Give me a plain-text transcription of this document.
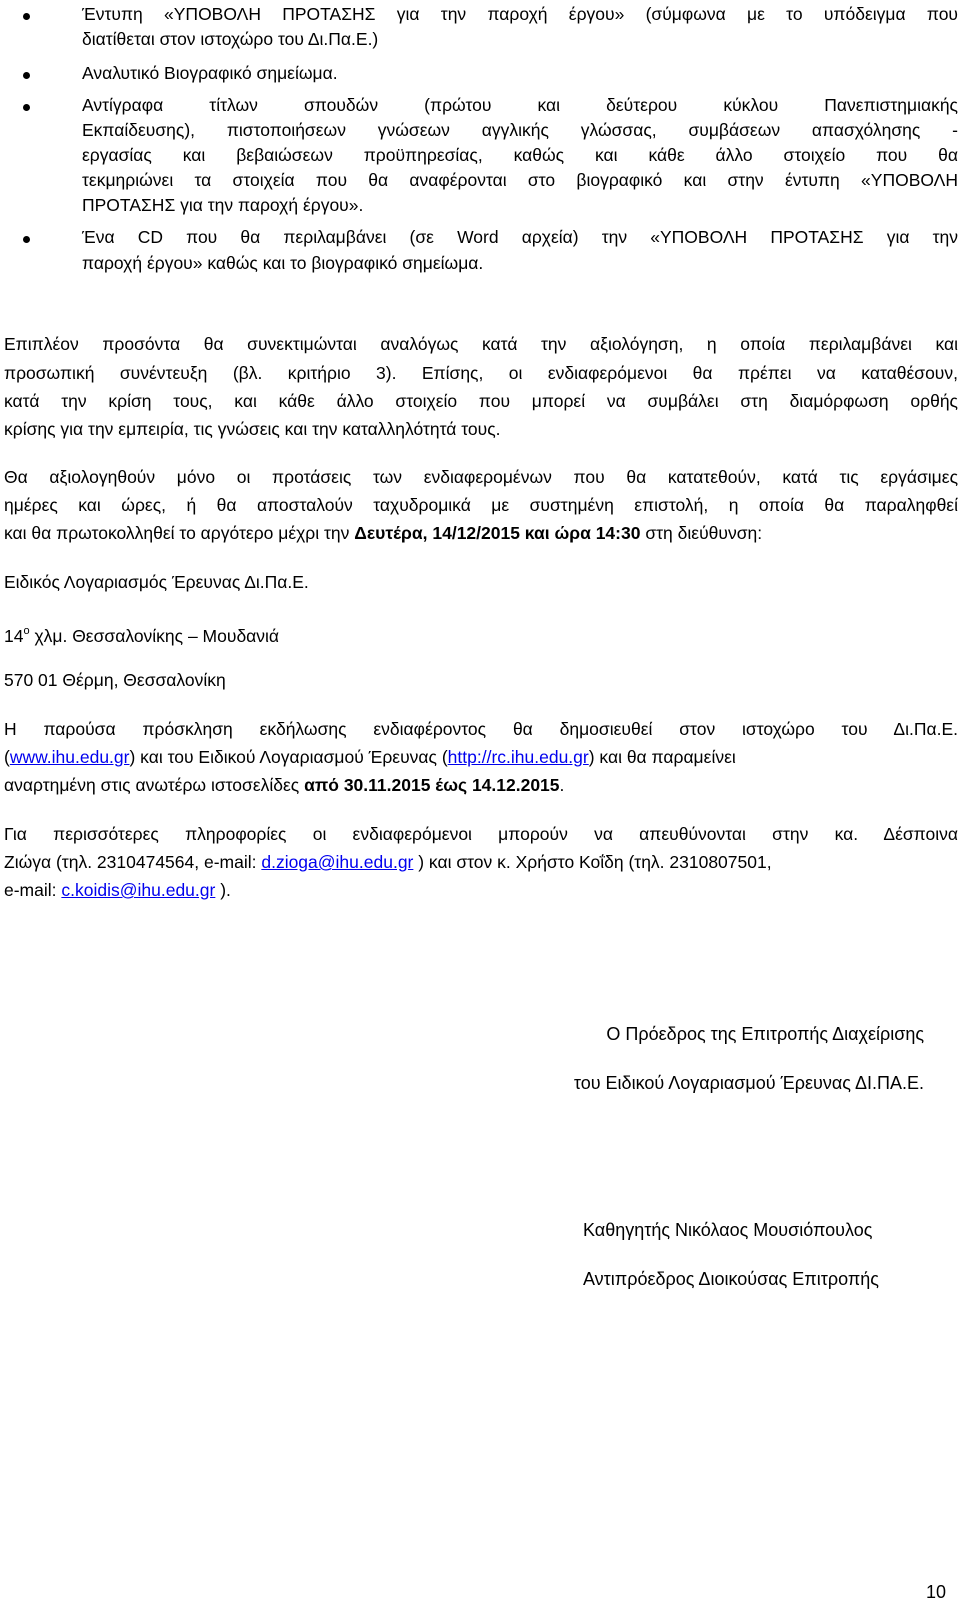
Έντυπη «ΥΠΟΒΟΛΗ ΠΡΟΤΑΣΗΣ για την παροχή έργου» (σύμφωνα με το υπόδειγμα που
διατίθεται στον ιστοχώρο του Δι.Πα.Ε.)
Αναλυτικό Βιογραφικό σημείωμα.
Αντίγραφα τίτλων σπουδών (πρώτου και δεύτερου κύκλου Πανεπιστημιακής
Εκπαίδευσης), πιστοποιήσεων γνώσεων αγγλικής γλώσσας, συμβάσεων απασχόλησης -
εργασίας και βεβαιώσεων προϋπηρεσίας, καθώς και κάθε άλλο στοιχείο που θα
τεκμηριώνει τα στοιχεία που θα αναφέρονται στο βιογραφικό και στην έντυπη «ΥΠΟΒΟΛΗ
ΠΡΟΤΑΣΗΣ για την παροχή έργου».
Ένα CD που θα περιλαμβάνει (σε Word αρχεία) την «ΥΠΟΒΟΛΗ ΠΡΟΤΑΣΗΣ για την
παροχή έργου» καθώς και το βιογραφικό σημείωμα.
Επιπλέον προσόντα θα συνεκτιμώνται αναλόγως κατά την αξιολόγηση, η οποία περιλαμβάνει και
προσωπική συνέντευξη (βλ. κριτήριο 3). Επίσης, οι ενδιαφερόμενοι θα πρέπει να καταθέσουν,
κατά την κρίση τους, και κάθε άλλο στοιχείο που μπορεί να συμβάλει στη διαμόρφωση ορθής
κρίσης για την εμπειρία, τις γνώσεις και την καταλληλότητά τους.
Θα αξιολογηθούν μόνο οι προτάσεις των ενδιαφερομένων που θα κατατεθούν, κατά τις εργάσιμες
ημέρες και ώρες, ή θα αποσταλούν ταχυδρομικά με συστημένη επιστολή, η οποία θα παραληφθεί
και θα πρωτοκολληθεί το αργότερο μέχρι την Δευτέρα, 14/12/2015 και ώρα 14:30 στη διεύθυνση:
Ειδικός Λογαριασμός Έρευνας Δι.Πα.Ε.
$14^o$ χλμ. Θεσσαλονίκης – Μουδανιά
570 01 Θέρμη, Θεσσαλονίκη
Η παρούσα πρόσκληση εκδήλωσης ενδιαφέροντος θα δημοσιευθεί στον ιστοχώρο του Δι.Πα.Ε.
(www.ihu.edu.gr) και του Ειδικού Λογαριασμού Έρευνας (http://rc.ihu.edu.gr) και θα παραμείνει
αναρτημένη στις ανωτέρω ιστοσελίδες από 30.11.2015 έως 14.12.2015.
Για περισσότερες πληροφορίες οι ενδιαφερόμενοι μπορούν να απευθύνονται στην κα. Δέσποινα
Ζιώγα (τηλ. 2310474564, e-mail: d.zioga@ihu.edu.gr ) και στον κ. Χρήστο Κοΐδη (τηλ. 2310807501,
e-mail: c.koidis@ihu.edu.gr ).
Ο Πρόεδρος της Επιτροπής Διαχείρισης
του Ειδικού Λογαριασμού Έρευνας ΔΙ.ΠΑ.Ε.
Καθηγητής Νικόλαος Μουσιόπουλος
Αντιπρόεδρος Διοικούσας Επιτροπής
10
